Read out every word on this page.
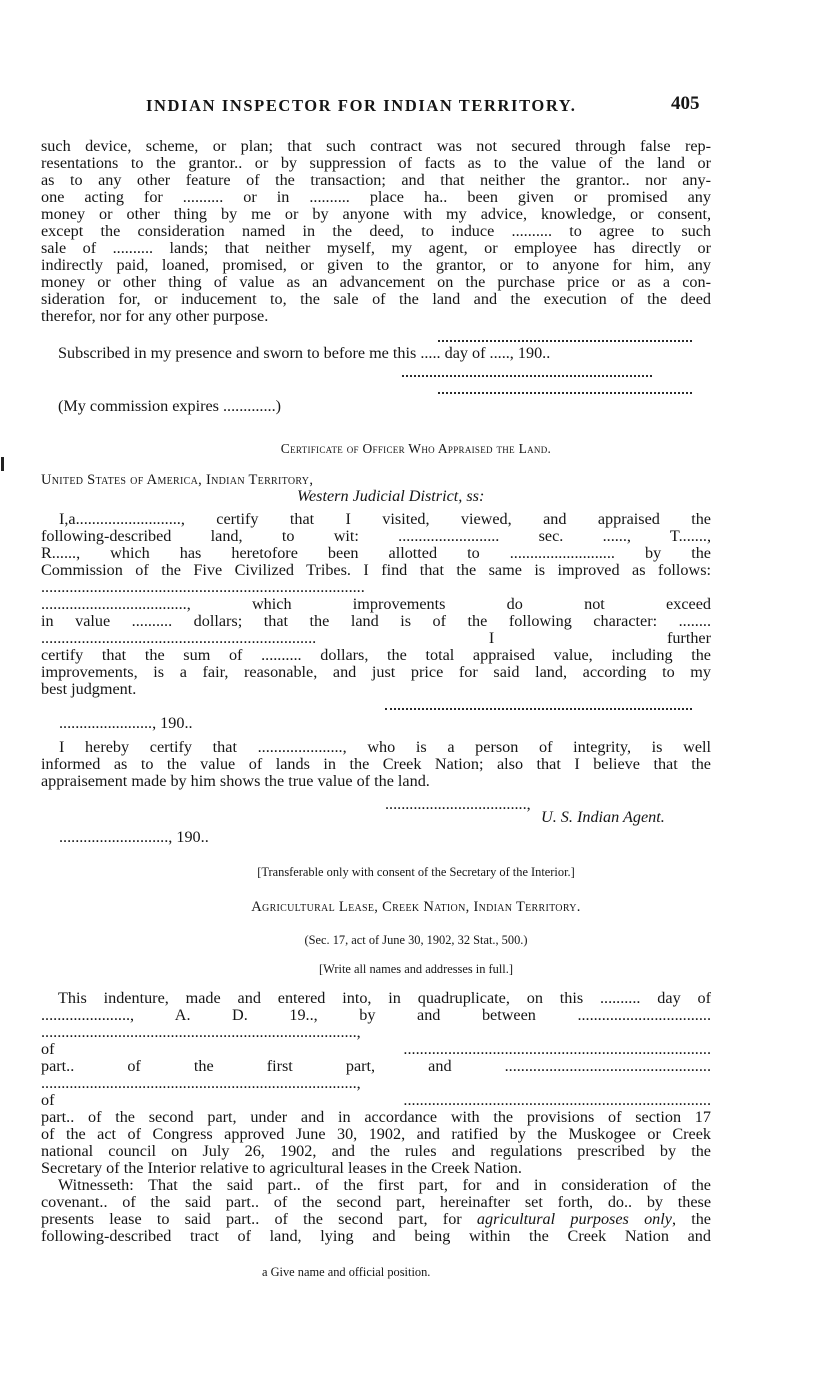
INDIAN INSPECTOR FOR INDIAN TERRITORY.	405
such device, scheme, or plan; that such contract was not secured through false rep-
resentations to the grantor.. or by suppression of facts as to the value of the land or
as to any other feature of the transaction; and that neither the grantor.. nor any-
one acting for .......... or in .......... place ha.. been given or promised any
money or other thing by me or by anyone with my advice, knowledge, or consent,
except the consideration named in the deed, to induce .......... to agree to such
sale of .......... lands; that neither myself, my agent, or employee has directly or
indirectly paid, loaned, promised, or given to the grantor, or to anyone for him, any
money or other thing of value as an advancement on the purchase price or as a con-
sideration for, or inducement to, the sale of the land and the execution of the deed
therefor, nor for any other purpose.
Subscribed in my presence and sworn to before me this ..... day of ....., 190..
(My commission expires .............)
Certificate of Officer Who Appraised the Land.
United States of America, Indian Territory,
Western Judicial District, ss:
I,a.........................., certify that I visited, viewed, and appraised the
following-described land, to wit: ......................... sec. ......, T.......,
R......, which has heretofore been allotted to .......................... by the
Commission of the Five Civilized Tribes. I find that the same is improved as follows:
................................................................................
...................................., which improvements do not exceed
in value .......... dollars; that the land is of the following character: ........
.................................................................... I further
certify that the sum of .......... dollars, the total appraised value, including the
improvements, is a fair, reasonable, and just price for said land, according to my
best judgment.
......................., 190..
I hereby certify that ....................., who is a person of integrity, is well
informed as to the value of lands in the Creek Nation; also that I believe that the
appraisement made by him shows the true value of the land.
...................................,
U. S. Indian Agent.
..........................., 190..
[Transferable only with consent of the Secretary of the Interior.]
Agricultural Lease, Creek Nation, Indian Territory.
(Sec. 17, act of June 30, 1902, 32 Stat., 500.)
[Write all names and addresses in full.]
This indenture, made and entered into, in quadruplicate, on this .......... day of
......................, A. D. 19.., by and between .................................
..............................................................................,
of ............................................................................
part.. of the first part, and ...................................................
..............................................................................,
of ............................................................................
part.. of the second part, under and in accordance with the provisions of section 17
of the act of Congress approved June 30, 1902, and ratified by the Muskogee or Creek
national council on July 26, 1902, and the rules and regulations prescribed by the
Secretary of the Interior relative to agricultural leases in the Creek Nation.
Witnesseth: That the said part.. of the first part, for and in consideration of the
covenant.. of the said part.. of the second part, hereinafter set forth, do.. by these
presents lease to said part.. of the second part, for agricultural purposes only, the
following-described tract of land, lying and being within the Creek Nation and
a Give name and official position.
